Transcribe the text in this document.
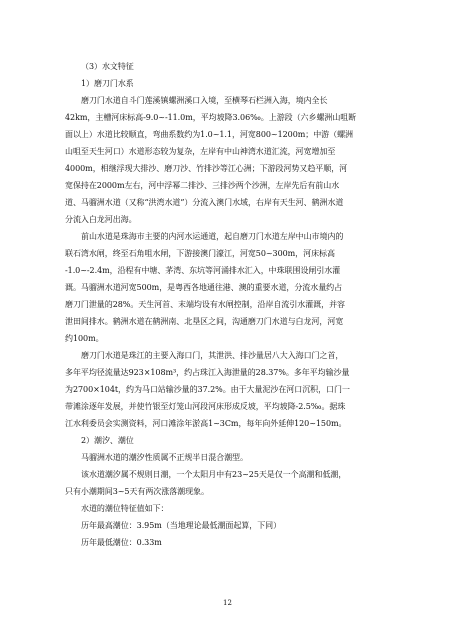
（3）水文特征
1）磨刀门水系
磨刀门水道自斗门莲溪镇螺洲溪口入境，至横琴石栏洲入海，境内全长
42km，主槽河床标高-9.0~-11.0m，平均坡降3.06‰。上游段（六乡螺洲山咀断
面以上）水道比较顺直，弯曲系数约为1.0~1.1，河宽800~1200m；中游（螺洲
山咀至天生河口）水道形态较为复杂，左岸有中山神湾水道汇流，河宽增加至
4000m，相继浮现大排沙、磨刀沙、竹排沙等江心洲；下游段河势又趋平顺，河
宽保持在2000m左右，河中浮幂二排沙、三排沙两个沙洲，左岸先后有前山水
道、马骝洲水道（又称“洪湾水道”）分流入澳门水域，右岸有天生河、鹤洲水道
分流入白龙河出海。
前山水道是珠海市主要的内河水运通道，起自磨刀门水道左岸中山市境内的
联石湾水闸，终至石角咀水闸，下游接澳门濠江，河宽50~300m，河床标高
-1.0~-2.4m，沿程有中塘、茅湾、东坑等河涌排水汇入，中珠联围设闸引水灌
溉。马骝洲水道河宽500m，是粤西各地通往港、澳的重要水道，分流水量约占
磨刀门泄量的28%。天生河首、末端均设有水闸控制，沿岸自流引水灌溉，并容
泄田间排水。鹤洲水道在鹤洲南、北垦区之间，沟通磨刀门水道与白龙河，河宽
约100m。
磨刀门水道是珠江的主要入海口门，其泄洪、排沙量居八大入海口门之首，
多年平均径流量达923×108m³，约占珠江入海泄量的28.37%。多年平均输沙量
为2700×104t，约为马口站输沙量的37.2%。由于大量泥沙在河口沉积，口门一
带滩涂逐年发展，并使竹银至灯笼山河段河床形成反坡，平均坡降-2.5‰。据珠
江水利委员会实测资料，河口滩涂年淤高1~3Cm，每年向外延伸120~150m。
2）潮汐、潮位
马骝洲水道的潮汐性质属不正规半日混合潮型。
该水道潮汐属不规则日潮，一个太阳月中有23~25天是仅一个高潮和低潮，
只有小潮期间3~5天有两次涨落潮现象。
水道的潮位特征值如下：
历年最高潮位：3.95m（当地理论最低潮面起算，下同）
历年最低潮位：0.33m
12
